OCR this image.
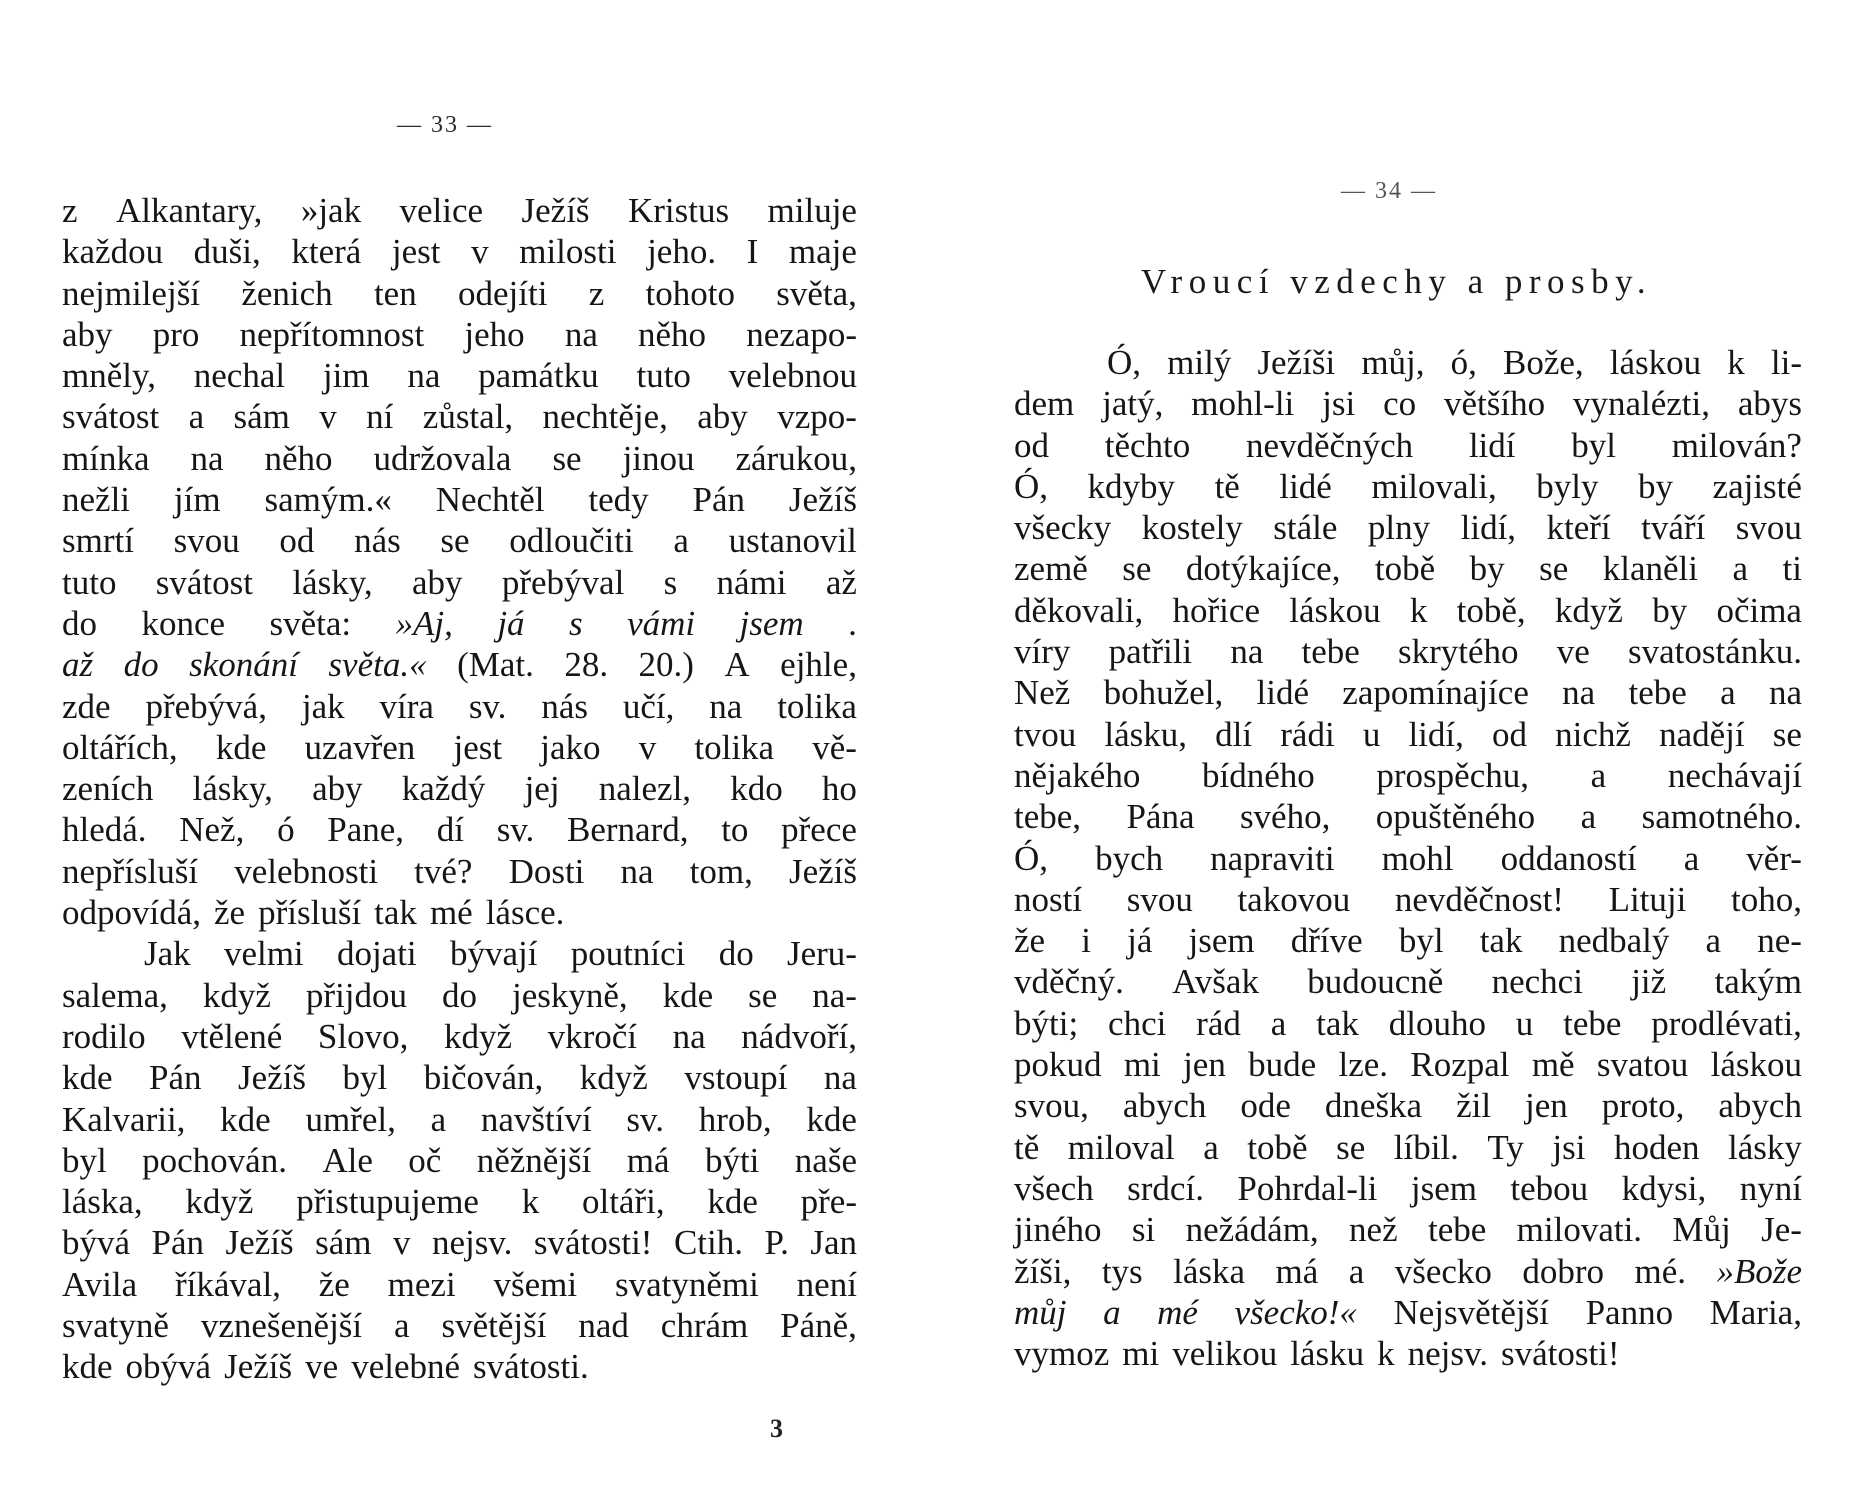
— 33 —
z Alkantary, »jak velice Ježíš Kristus miluje
každou duši, která jest v milosti jeho. I maje
nejmilejší ženich ten odejíti z tohoto světa,
aby pro nepřítomnost jeho na něho nezapo-
mněly, nechal jim na památku tuto velebnou
svátost a sám v ní zůstal, nechtěje, aby vzpo-
mínka na něho udržovala se jinou zárukou,
nežli jím samým.« Nechtěl tedy Pán Ježíš
smrtí svou od nás se odloučiti a ustanovil
tuto svátost lásky, aby přebýval s námi až
do konce světa: »Aj, já s vámi jsem .
až do skonání světa.« (Mat. 28. 20.) A ejhle,
zde přebývá, jak víra sv. nás učí, na tolika
oltářích, kde uzavřen jest jako v tolika vě-
zeních lásky, aby každý jej nalezl, kdo ho
hledá. Než, ó Pane, dí sv. Bernard, to přece
nepřísluší velebnosti tvé? Dosti na tom, Ježíš
odpovídá, že přísluší tak mé lásce.
Jak velmi dojati bývají poutníci do Jeru-
salema, když přijdou do jeskyně, kde se na-
rodilo vtělené Slovo, když vkročí na nádvoří,
kde Pán Ježíš byl bičován, když vstoupí na
Kalvarii, kde umřel, a navštíví sv. hrob, kde
byl pochován. Ale oč něžnější má býti naše
láska, když přistupujeme k oltáři, kde pře-
bývá Pán Ježíš sám v nejsv. svátosti! Ctih. P. Jan
Avila říkával, že mezi všemi svatyněmi není
svatyně vznešenější a světější nad chrám Páně,
kde obývá Ježíš ve velebné svátosti.
3
— 34 —
Vroucí vzdechy a prosby.
Ó, milý Ježíši můj, ó, Bože, láskou k li-
dem jatý, mohl-li jsi co většího vynalézti, abys
od těchto nevděčných lidí byl milován?
Ó, kdyby tě lidé milovali, byly by zajisté
všecky kostely stále plny lidí, kteří tváří svou
země se dotýkajíce, tobě by se klaněli a ti
děkovali, hořice láskou k tobě, když by očima
víry patřili na tebe skrytého ve svatostánku.
Než bohužel, lidé zapomínajíce na tebe a na
tvou lásku, dlí rádi u lidí, od nichž nadějí se
nějakého bídného prospěchu, a nechávají
tebe, Pána svého, opuštěného a samotného.
Ó, bych napraviti mohl oddaností a věr-
ností svou takovou nevděčnost! Lituji toho,
že i já jsem dříve byl tak nedbalý a ne-
vděčný. Avšak budoucně nechci již takým
býti; chci rád a tak dlouho u tebe prodlévati,
pokud mi jen bude lze. Rozpal mě svatou láskou
svou, abych ode dneška žil jen proto, abych
tě miloval a tobě se líbil. Ty jsi hoden lásky
všech srdcí. Pohrdal-li jsem tebou kdysi, nyní
jiného si nežádám, než tebe milovati. Můj Je-
žíši, tys láska má a všecko dobro mé. »Bože
můj a mé všecko!« Nejsvětější Panno Maria,
vymoz mi velikou lásku k nejsv. svátosti!
